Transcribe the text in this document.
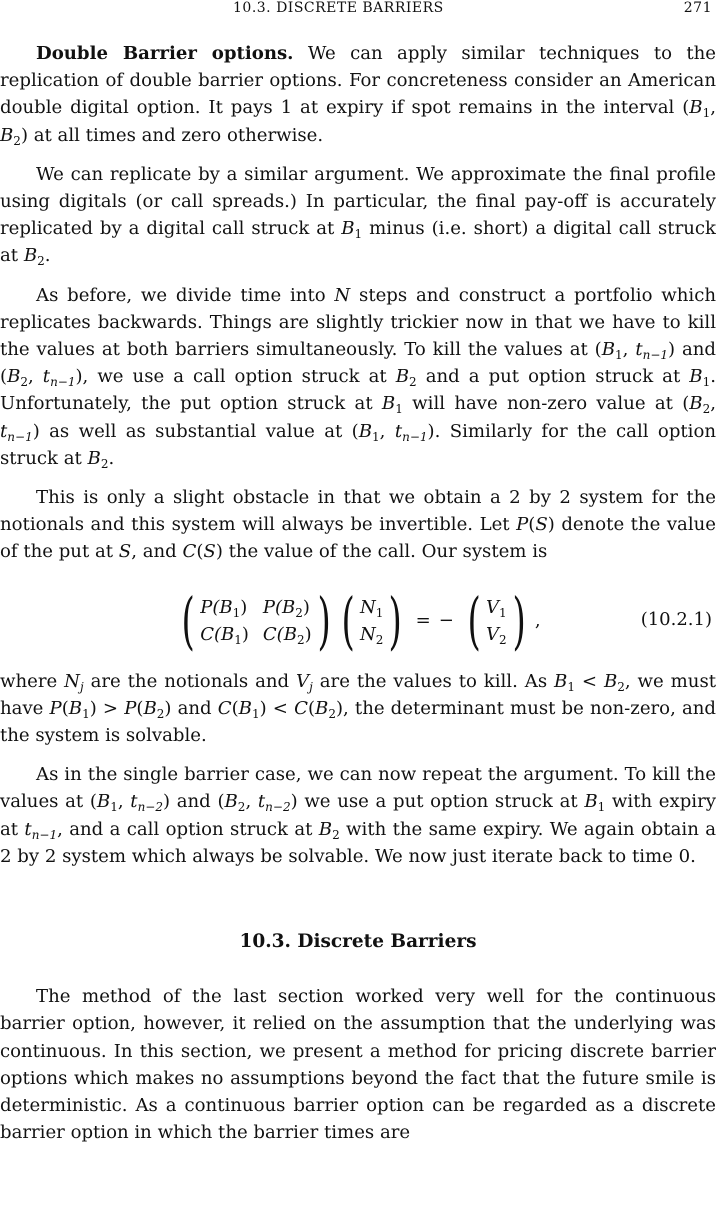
10.3. DISCRETE BARRIERS	271

Double Barrier options. We can apply similar techniques to the replication of double barrier options. For concreteness consider an American double digital option. It pays 1 at expiry if spot remains in the interval ($B_1$, $B_2$) at all times and zero otherwise.

We can replicate by a similar argument. We approximate the final profile using digitals (or call spreads.) In particular, the final pay-off is accurately replicated by a digital call struck at $B_1$ minus (i.e. short) a digital call struck at $B_2$.

As before, we divide time into N steps and construct a portfolio which replicates backwards. Things are slightly trickier now in that we have to kill the values at both barriers simultaneously. To kill the values at ($B_1$, $t_{n-1}$) and ($B_2$, $t_{n-1}$), we use a call option struck at $B_2$ and a put option struck at $B_1$. Unfortunately, the put option struck at $B_1$ will have non-zero value at ($B_2$, $t_{n-1}$) as well as substantial value at ($B_1$, $t_{n-1}$). Similarly for the call option struck at $B_2$.

This is only a slight obstacle in that we obtain a 2 by 2 system for the notionals and this system will always be invertible. Let P(S) denote the value of the put at S, and C(S) the value of the call. Our system is

( $P(B_1)$ $P(B_2)$
$C(B_1)$ $C(B_2)$ ) ( $N_1$
$N_2$ ) = − ( $V_1$
$V_2$ ) ,	(10.2.1)

where $N_j$ are the notionals and $V_j$ are the values to kill. As $B_1 < B_2$, we must have $P(B_1) > P(B_2)$ and $C(B_1) < C(B_2)$, the determinant must be non-zero, and the system is solvable.

As in the single barrier case, we can now repeat the argument. To kill the values at ($B_1$, $t_{n-2}$) and ($B_2$, $t_{n-2}$) we use a put option struck at $B_1$ with expiry at $t_{n-1}$, and a call option struck at $B_2$ with the same expiry. We again obtain a 2 by 2 system which always be solvable. We now just iterate back to time 0.

10.3. Discrete Barriers

The method of the last section worked very well for the continuous barrier option, however, it relied on the assumption that the underlying was continuous. In this section, we present a method for pricing discrete barrier options which makes no assumptions beyond the fact that the future smile is deterministic. As a continuous barrier option can be regarded as a discrete barrier option in which the barrier times are
